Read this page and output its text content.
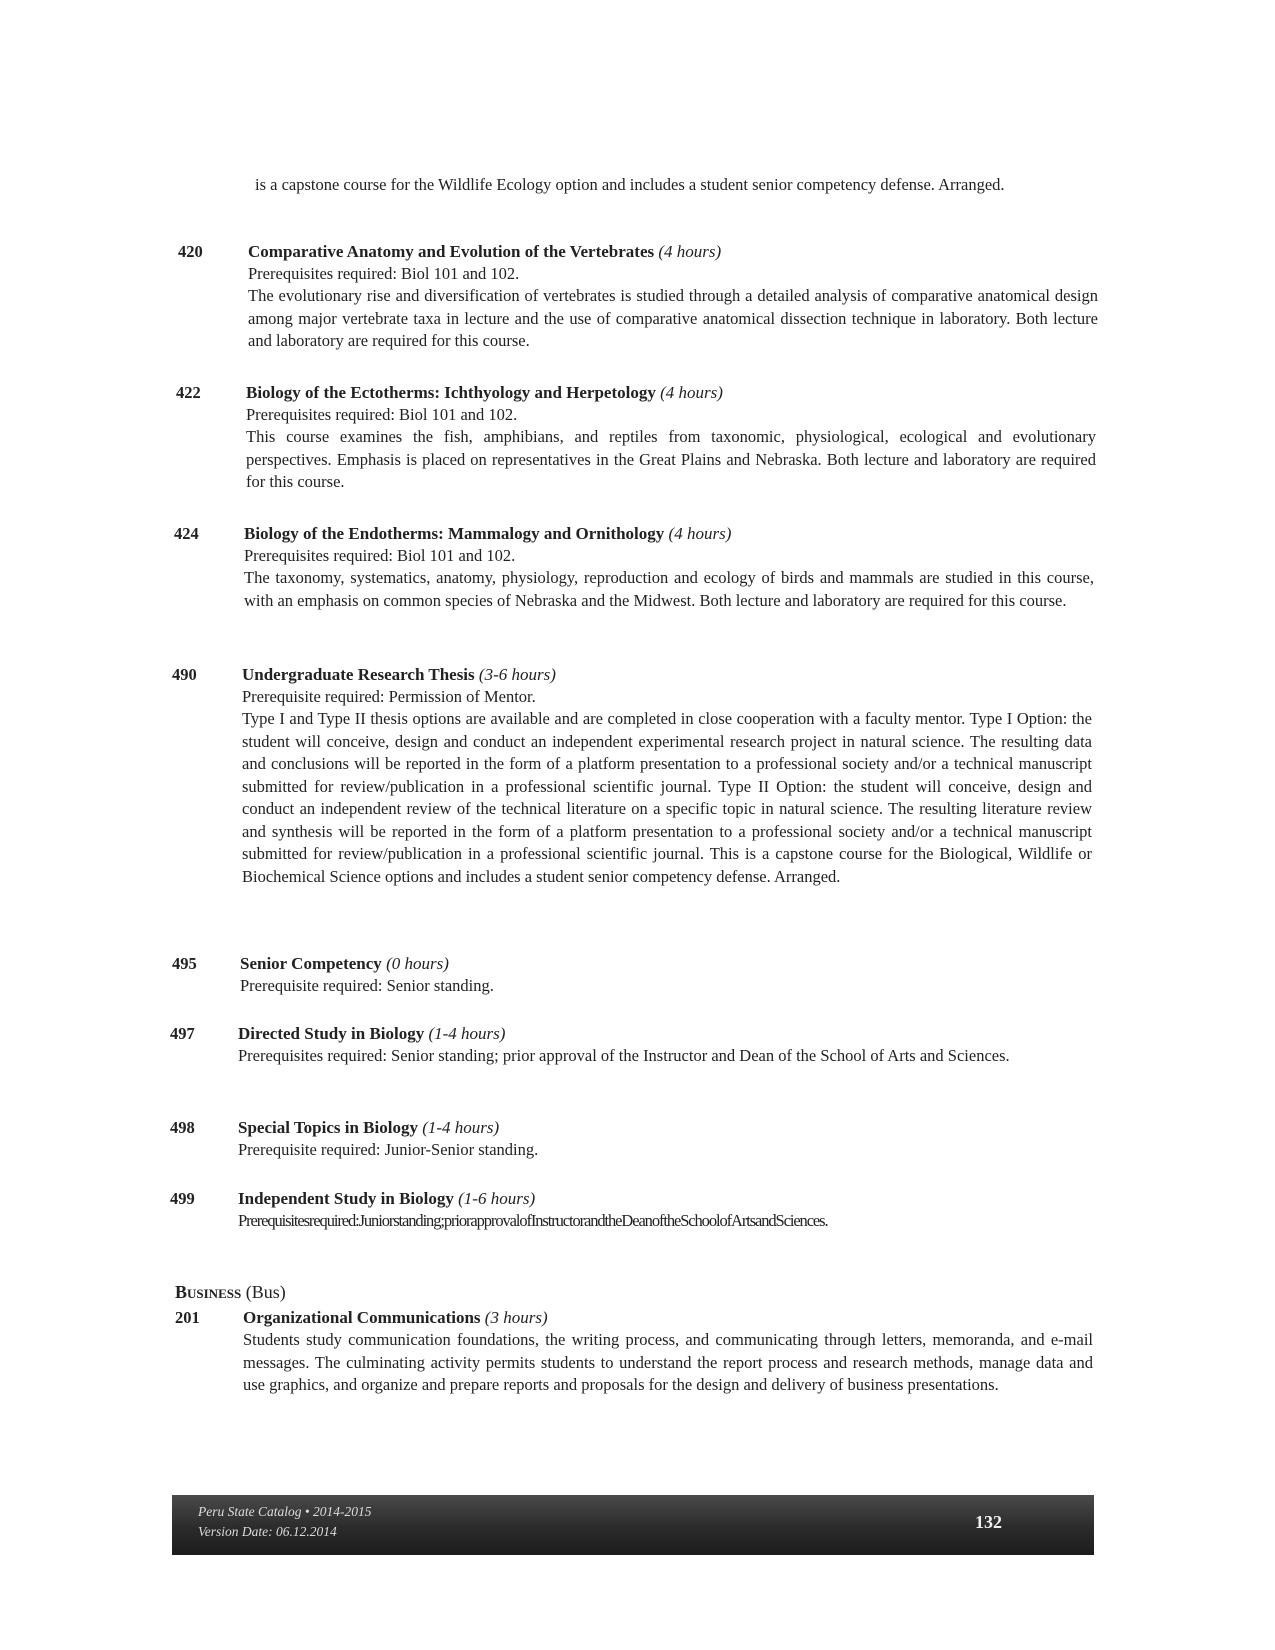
is a capstone course for the Wildlife Ecology option and includes a student senior competency defense. Arranged.
420	Comparative Anatomy and Evolution of the Vertebrates (4 hours)
Prerequisites required: Biol 101 and 102.
The evolutionary rise and diversification of vertebrates is studied through a detailed analysis of comparative anatomical design among major vertebrate taxa in lecture and the use of comparative anatomical dissection technique in laboratory. Both lecture and laboratory are required for this course.
422	Biology of the Ectotherms: Ichthyology and Herpetology (4 hours)
Prerequisites required: Biol 101 and 102.
This course examines the fish, amphibians, and reptiles from taxonomic, physiological, ecological and evolutionary perspectives. Emphasis is placed on representatives in the Great Plains and Nebraska. Both lecture and laboratory are required for this course.
424	Biology of the Endotherms: Mammalogy and Ornithology (4 hours)
Prerequisites required: Biol 101 and 102.
The taxonomy, systematics, anatomy, physiology, reproduction and ecology of birds and mammals are studied in this course, with an emphasis on common species of Nebraska and the Midwest. Both lecture and laboratory are required for this course.
490	Undergraduate Research Thesis (3-6 hours)
Prerequisite required: Permission of Mentor.
Type I and Type II thesis options are available and are completed in close cooperation with a faculty mentor. Type I Option: the student will conceive, design and conduct an independent experimental research project in natural science. The resulting data and conclusions will be reported in the form of a platform presentation to a professional society and/or a technical manuscript submitted for review/publication in a professional scientific journal. Type II Option: the student will conceive, design and conduct an independent review of the technical literature on a specific topic in natural science. The resulting literature review and synthesis will be reported in the form of a platform presentation to a professional society and/or a technical manuscript submitted for review/publication in a professional scientific journal. This is a capstone course for the Biological, Wildlife or Biochemical Science options and includes a student senior competency defense. Arranged.
495	Senior Competency (0 hours)
Prerequisite required: Senior standing.
497	Directed Study in Biology (1-4 hours)
Prerequisites required: Senior standing; prior approval of the Instructor and Dean of the School of Arts and Sciences.
498	Special Topics in Biology (1-4 hours)
Prerequisite required: Junior-Senior standing.
499	Independent Study in Biology (1-6 hours)
Prerequisitesrequired:Juniorstanding;priorapprovalofInstructorandtheDeanoftheSchoolofArtsandSciences.
Business (Bus)
201	Organizational Communications (3 hours)
Students study communication foundations, the writing process, and communicating through letters, memoranda, and e-mail messages. The culminating activity permits students to understand the report process and research methods, manage data and use graphics, and organize and prepare reports and proposals for the design and delivery of business presentations.
Peru State Catalog • 2014-2015
Version Date: 06.12.2014	132
